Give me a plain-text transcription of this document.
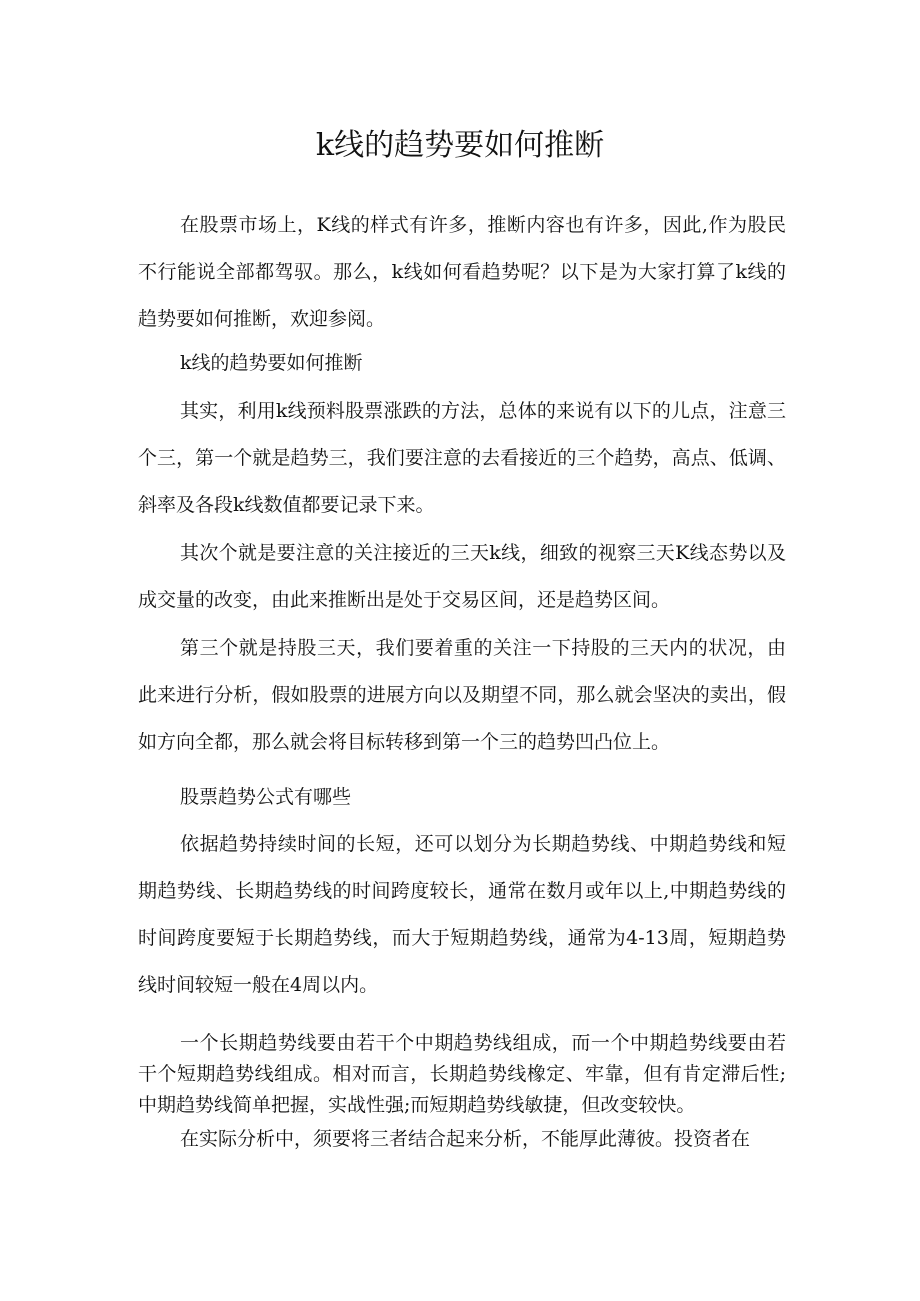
k线的趋势要如何推断

在股票市场上，K线的样式有许多，推断内容也有许多，因此,作为股民不行能说全部都驾驭。那么，k线如何看趋势呢？以下是为大家打算了k线的趋势要如何推断，欢迎参阅。

k线的趋势要如何推断

其实，利用k线预料股票涨跌的方法，总体的来说有以下的儿点，注意三个三，第一个就是趋势三，我们要注意的去看接近的三个趋势，高点、低调、斜率及各段k线数值都要记录下来。

其次个就是要注意的关注接近的三天k线，细致的视察三天K线态势以及成交量的改变，由此来推断出是处于交易区间，还是趋势区间。

第三个就是持股三天，我们要着重的关注一下持股的三天内的状况，由此来进行分析，假如股票的进展方向以及期望不同，那么就会坚决的卖出，假如方向全都，那么就会将目标转移到第一个三的趋势凹凸位上。

股票趋势公式有哪些

依据趋势持续时间的长短，还可以划分为长期趋势线、中期趋势线和短期趋势线、长期趋势线的时间跨度较长，通常在数月或年以上,中期趋势线的时间跨度要短于长期趋势线，而大于短期趋势线，通常为4-13周，短期趋势线时间较短一般在4周以内。

一个长期趋势线要由若干个中期趋势线组成，而一个中期趋势线要由若干个短期趋势线组成。相对而言，长期趋势线橡定、牢靠，但有肯定滞后性;中期趋势线简单把握，实战性强;而短期趋势线敏捷，但改变较快。

在实际分析中，须要将三者结合起来分析，不能厚此薄彼。投资者在
